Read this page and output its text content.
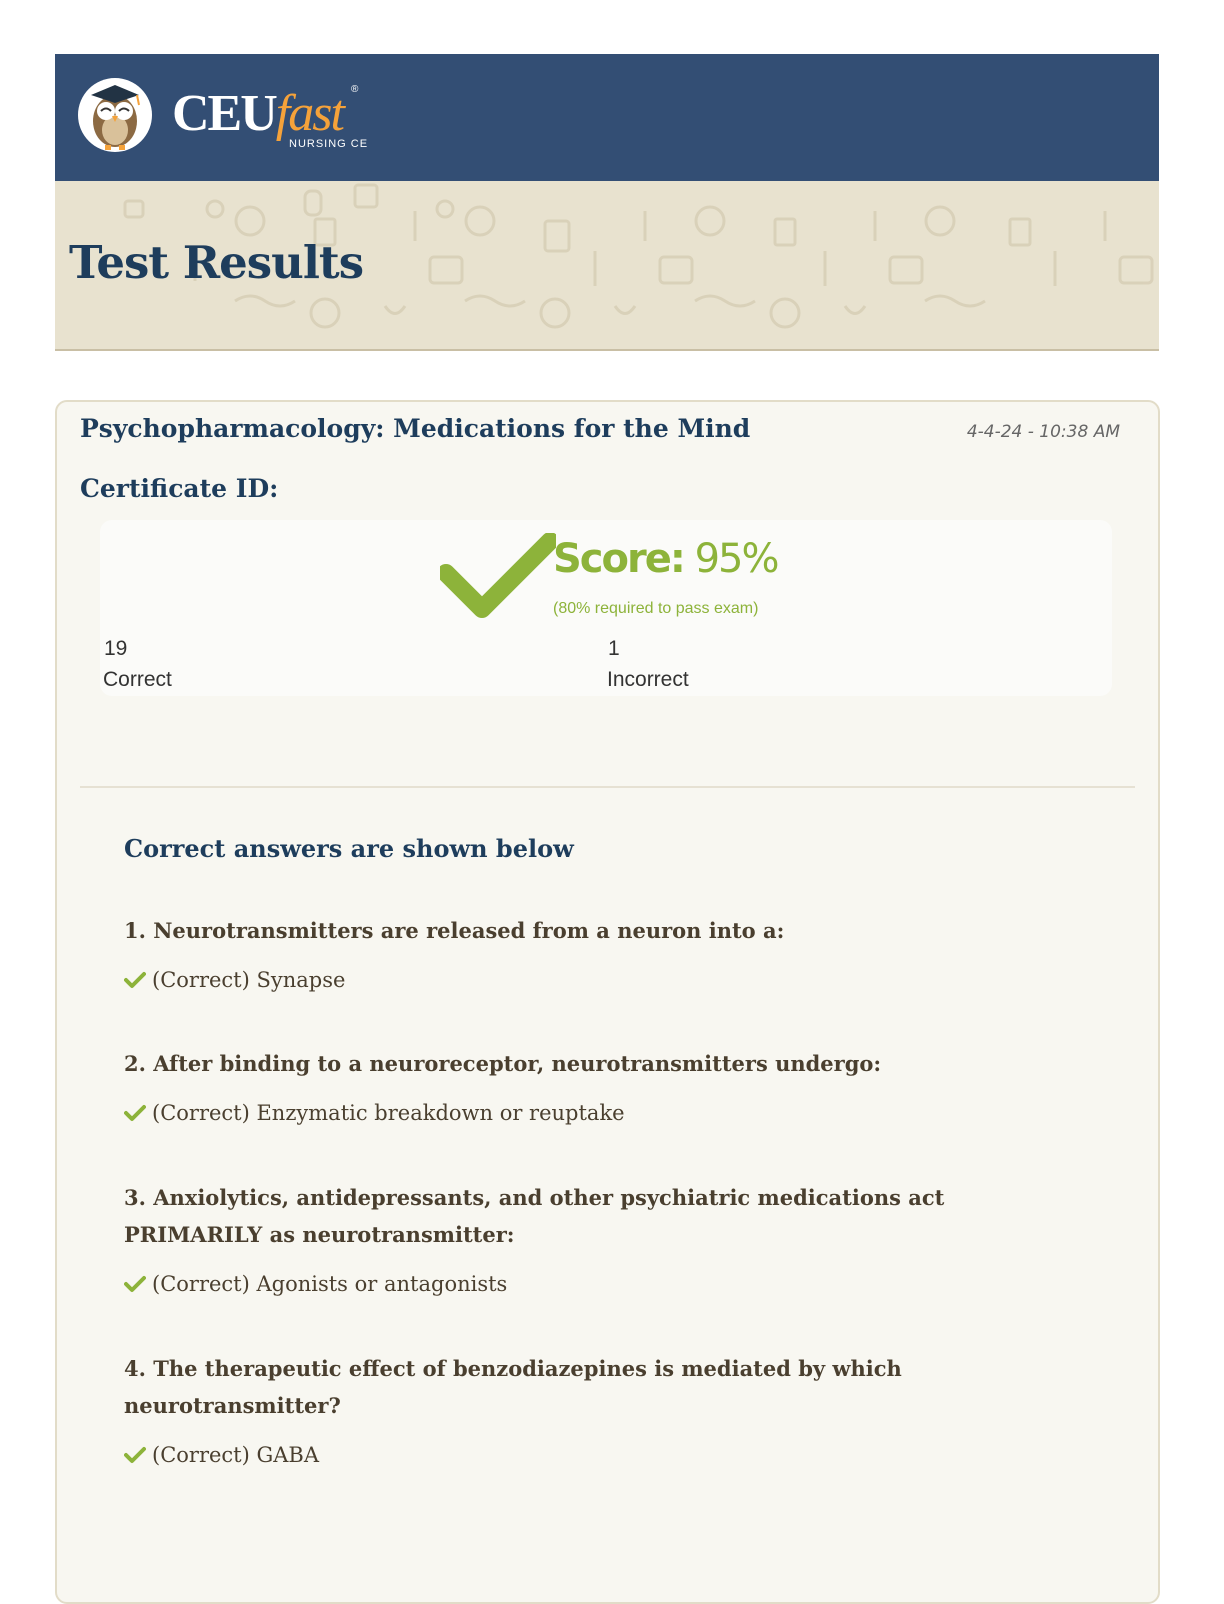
CEUfast ®
NURSING CE
Test Results
Psychopharmacology: Medications for the Mind	4-4-24 - 10:38 AM
Certificate ID:
Score: 95%
(80% required to pass exam)
19
Correct
1
Incorrect
Correct answers are shown below
1. Neurotransmitters are released from a neuron into a:
(Correct) Synapse
2. After binding to a neuroreceptor, neurotransmitters undergo:
(Correct) Enzymatic breakdown or reuptake
3. Anxiolytics, antidepressants, and other psychiatric medications act PRIMARILY as neurotransmitter:
(Correct) Agonists or antagonists
4. The therapeutic effect of benzodiazepines is mediated by which neurotransmitter?
(Correct) GABA
